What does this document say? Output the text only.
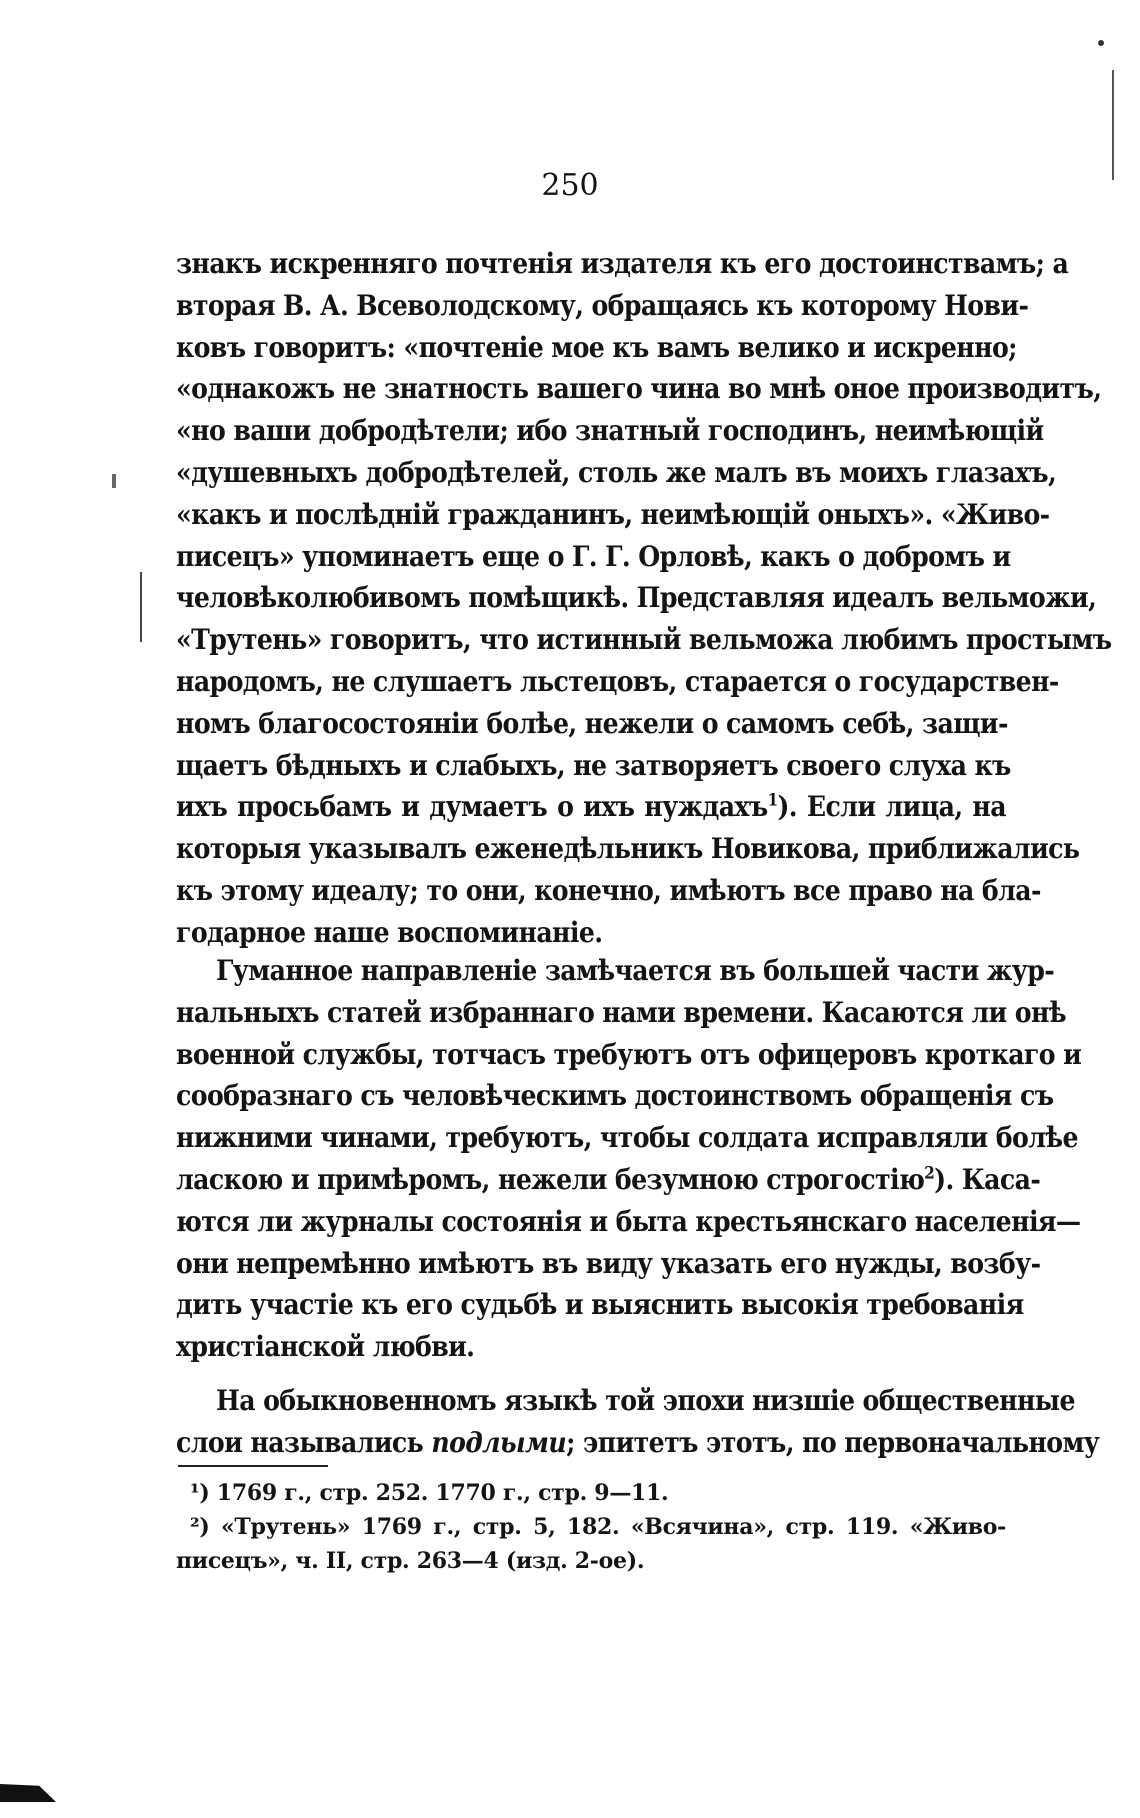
250
знакъ искренняго почтенія издателя къ его достоинствамъ; а
вторая В. А. Всеволодскому, обращаясь къ которому Нови-
ковъ говоритъ: «почтеніе мое къ вамъ велико и искренно;
«однакожъ не знатность вашего чина во мнѣ оное производитъ,
«но ваши добродѣтели; ибо знатный господинъ, неимѣющій
«душевныхъ добродѣтелей, столь же малъ въ моихъ глазахъ,
«какъ и послѣдній гражданинъ, неимѣющій оныхъ». «Живо-
писецъ» упоминаетъ еще о Г. Г. Орловѣ, какъ о добромъ и
человѣколюбивомъ помѣщикѣ. Представляя идеалъ вельможи,
«Трутень» говоритъ, что истинный вельможа любимъ простымъ
народомъ, не слушаетъ льстецовъ, старается о государствен-
номъ благосостояніи болѣе, нежели о самомъ себѣ, защи-
щаетъ бѣдныхъ и слабыхъ, не затворяетъ своего слуха къ
ихъ просьбамъ и думаетъ о ихъ нуждахъ$^1$). Если лица, на
которыя указывалъ еженедѣльникъ Новикова, приближались
къ этому идеалу; то они, конечно, имѣютъ все право на бла-
годарное наше воспоминаніе.
Гуманное направленіе замѣчается въ большей части жур-
нальныхъ статей избраннаго нами времени. Касаются ли онѣ
военной службы, тотчасъ требуютъ отъ офицеровъ кроткаго и
сообразнаго съ человѣческимъ достоинствомъ обращенія съ
нижними чинами, требуютъ, чтобы солдата исправляли болѣе
ласкою и примѣромъ, нежели безумною строгостію$^2$). Каса-
ются ли журналы состоянія и быта крестьянскаго населенія—
они непремѣнно имѣютъ въ виду указать его нужды, возбу-
дить участіе къ его судьбѣ и выяснить высокія требованія
христіанской любви.
На обыкновенномъ языкѣ той эпохи низшіе общественные
слои назывались подлыми; эпитетъ этотъ, по первоначальному
¹) 1769 г., стр. 252. 1770 г., стр. 9—11.
²) «Трутень» 1769 г., стр. 5, 182. «Всячина», стр. 119. «Живо-
писецъ», ч. II, стр. 263—4 (изд. 2-ое).
